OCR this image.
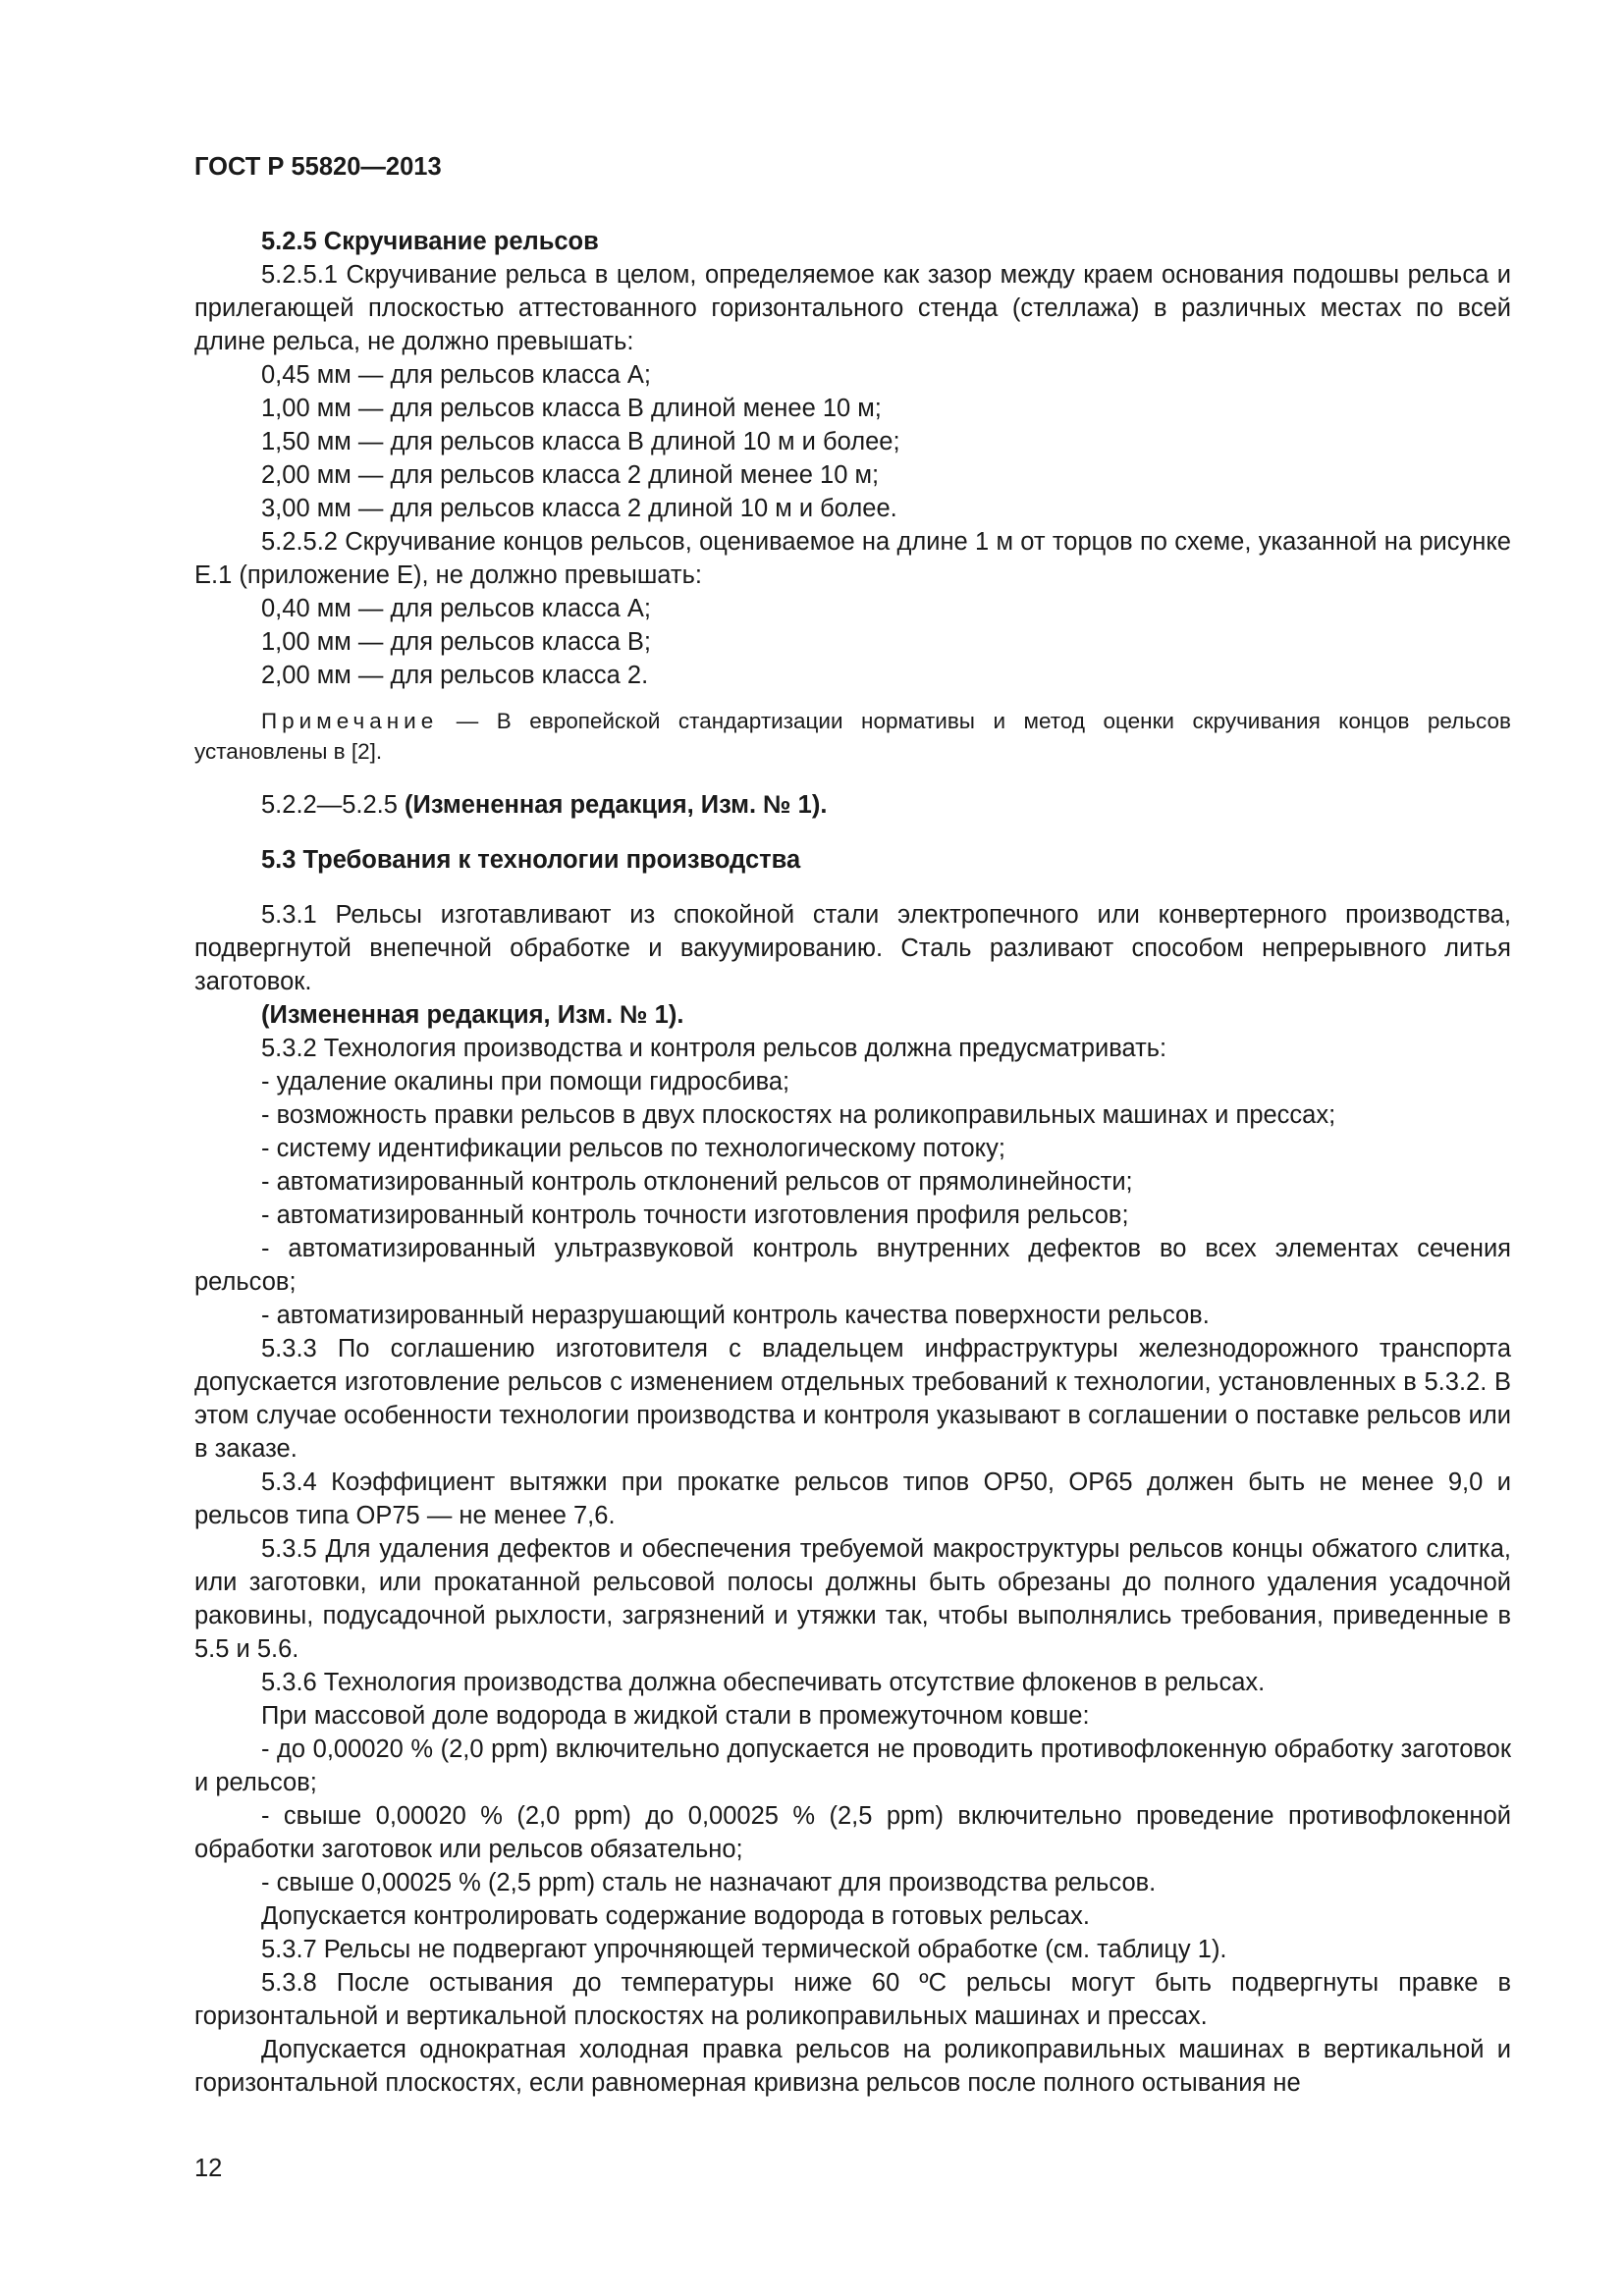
ГОСТ Р 55820—2013

5.2.5 Скручивание рельсов

5.2.5.1 Скручивание рельса в целом, определяемое как зазор между краем основания подошвы рельса и прилегающей плоскостью аттестованного горизонтального стенда (стеллажа) в различных местах по всей длине рельса, не должно превышать:

0,45 мм — для рельсов класса А;

1,00 мм — для рельсов класса В длиной менее 10 м;

1,50 мм — для рельсов класса В длиной 10 м и более;

2,00 мм — для рельсов класса 2 длиной менее 10 м;

3,00 мм — для рельсов класса 2 длиной 10 м и более.

5.2.5.2 Скручивание концов рельсов, оцениваемое на длине 1 м от торцов по схеме, указанной на рисунке Е.1 (приложение Е), не должно превышать:

0,40 мм — для рельсов класса А;

1,00 мм — для рельсов класса В;

2,00 мм — для рельсов класса 2.

Примечание — В европейской стандартизации нормативы и метод оценки скручивания концов рельсов установлены в [2].

5.2.2—5.2.5 (Измененная редакция, Изм. № 1).

5.3 Требования к технологии производства

5.3.1 Рельсы изготавливают из спокойной стали электропечного или конвертерного производства, подвергнутой внепечной обработке и вакуумированию. Сталь разливают способом непрерывного литья заготовок.

(Измененная редакция, Изм. № 1).

5.3.2 Технология производства и контроля рельсов должна предусматривать:

- удаление окалины при помощи гидросбива;

- возможность правки рельсов в двух плоскостях на роликоправильных машинах и прессах;

- систему идентификации рельсов по технологическому потоку;

- автоматизированный контроль отклонений рельсов от прямолинейности;

- автоматизированный контроль точности изготовления профиля рельсов;

- автоматизированный ультразвуковой контроль внутренних дефектов во всех элементах сечения рельсов;

- автоматизированный неразрушающий контроль качества поверхности рельсов.

5.3.3 По соглашению изготовителя с владельцем инфраструктуры железнодорожного транспорта допускается изготовление рельсов с изменением отдельных требований к технологии, установленных в 5.3.2. В этом случае особенности технологии производства и контроля указывают в соглашении о поставке рельсов или в заказе.

5.3.4 Коэффициент вытяжки при прокатке рельсов типов ОР50, ОР65 должен быть не менее 9,0 и рельсов типа ОР75 — не менее 7,6.

5.3.5 Для удаления дефектов и обеспечения требуемой макроструктуры рельсов концы обжатого слитка, или заготовки, или прокатанной рельсовой полосы должны быть обрезаны до полного удаления усадочной раковины, подусадочной рыхлости, загрязнений и утяжки так, чтобы выполнялись требования, приведенные в 5.5 и 5.6.

5.3.6 Технология производства должна обеспечивать отсутствие флокенов в рельсах.

При массовой доле водорода в жидкой стали в промежуточном ковше:

- до 0,00020 % (2,0 ppm) включительно допускается не проводить противофлокенную обработку заготовок и рельсов;

- свыше 0,00020 % (2,0 ppm) до 0,00025 % (2,5 ppm) включительно проведение противофлокенной обработки заготовок или рельсов обязательно;

- свыше 0,00025 % (2,5 ppm) сталь не назначают для производства рельсов.

Допускается контролировать содержание водорода в готовых рельсах.

5.3.7 Рельсы не подвергают упрочняющей термической обработке (см. таблицу 1).

5.3.8 После остывания до температуры ниже 60 ºС рельсы могут быть подвергнуты правке в горизонтальной и вертикальной плоскостях на роликоправильных машинах и прессах.

Допускается однократная холодная правка рельсов на роликоправильных машинах в вертикальной и горизонтальной плоскостях, если равномерная кривизна рельсов после полного остывания не

12
